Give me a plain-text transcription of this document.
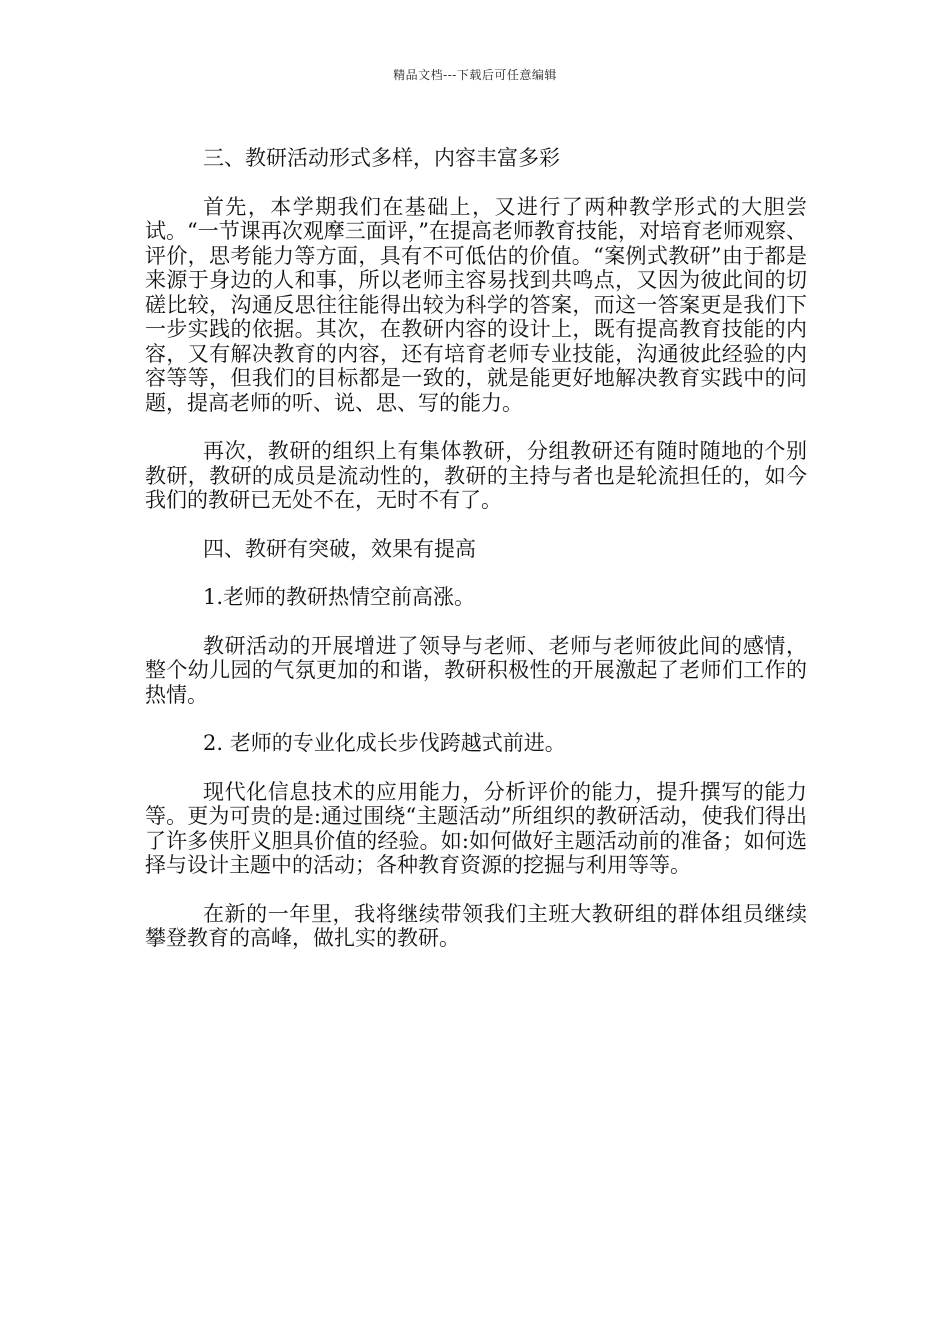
精品文档---下载后可任意编辑

三、教研活动形式多样，内容丰富多彩

首先，本学期我们在基础上，又进行了两种教学形式的大胆尝试。“一节课再次观摩三面评，”在提高老师教育技能，对培育老师观察、评价，思考能力等方面，具有不可低估的价值。“案例式教研”由于都是来源于身边的人和事，所以老师主容易找到共鸣点，又因为彼此间的切磋比较，沟通反思往往能得出较为科学的答案，而这一答案更是我们下一步实践的依据。其次，在教研内容的设计上，既有提高教育技能的内容，又有解决教育的内容，还有培育老师专业技能，沟通彼此经验的内容等等，但我们的目标都是一致的，就是能更好地解决教育实践中的问题，提高老师的听、说、思、写的能力。

再次，教研的组织上有集体教研，分组教研还有随时随地的个别教研，教研的成员是流动性的，教研的主持与者也是轮流担任的，如今我们的教研已无处不在，无时不有了。

四、教研有突破，效果有提高

1.老师的教研热情空前高涨。

教研活动的开展增进了领导与老师、老师与老师彼此间的感情，整个幼儿园的气氛更加的和谐，教研积极性的开展激起了老师们工作的热情。

2. 老师的专业化成长步伐跨越式前进。

现代化信息技术的应用能力，分析评价的能力，提升撰写的能力等。更为可贵的是:通过围绕“主题活动”所组织的教研活动，使我们得出了许多侠肝义胆具价值的经验。如:如何做好主题活动前的准备；如何选择与设计主题中的活动；各种教育资源的挖掘与利用等等。

在新的一年里，我将继续带领我们主班大教研组的群体组员继续攀登教育的高峰，做扎实的教研。
